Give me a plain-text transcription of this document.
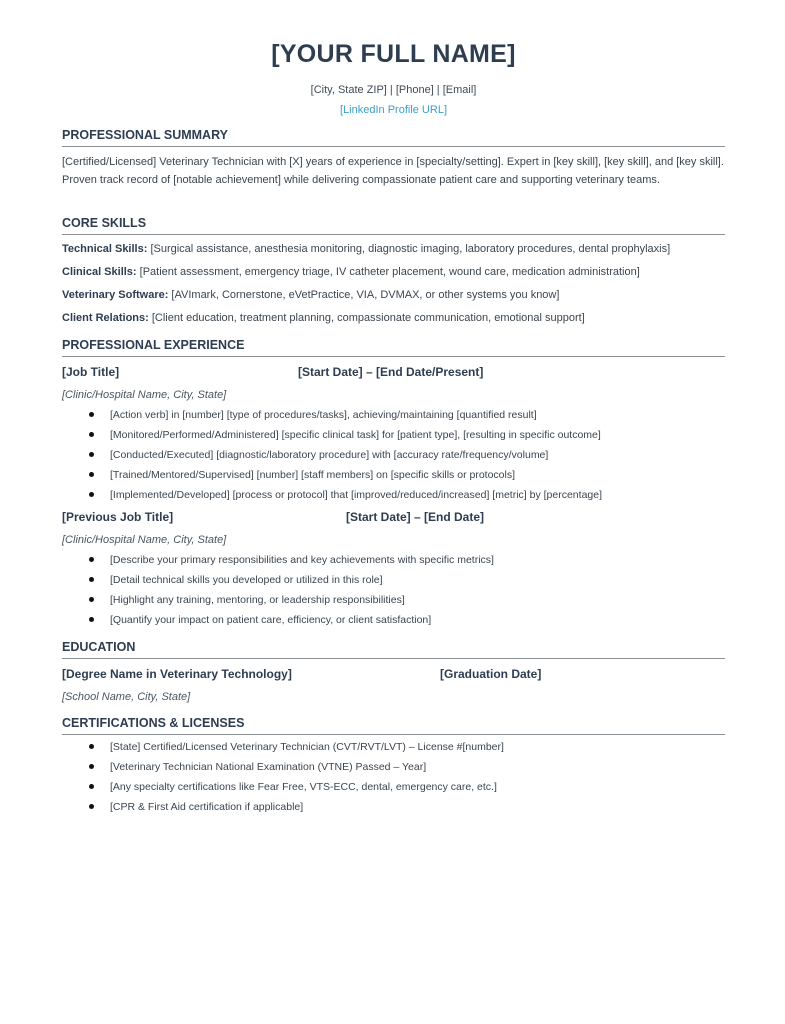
[YOUR FULL NAME]
[City, State ZIP] | [Phone] | [Email]
[LinkedIn Profile URL]
PROFESSIONAL SUMMARY
[Certified/Licensed] Veterinary Technician with [X] years of experience in [specialty/setting]. Expert in [key skill], [key skill], and [key skill]. Proven track record of [notable achievement] while delivering compassionate patient care and supporting veterinary teams.
CORE SKILLS
Technical Skills: [Surgical assistance, anesthesia monitoring, diagnostic imaging, laboratory procedures, dental prophylaxis]
Clinical Skills: [Patient assessment, emergency triage, IV catheter placement, wound care, medication administration]
Veterinary Software: [AVImark, Cornerstone, eVetPractice, VIA, DVMAX, or other systems you know]
Client Relations: [Client education, treatment planning, compassionate communication, emotional support]
PROFESSIONAL EXPERIENCE
[Job Title]	[Start Date] – [End Date/Present]
[Clinic/Hospital Name, City, State]
[Action verb] in [number] [type of procedures/tasks], achieving/maintaining [quantified result]
[Monitored/Performed/Administered] [specific clinical task] for [patient type], [resulting in specific outcome]
[Conducted/Executed] [diagnostic/laboratory procedure] with [accuracy rate/frequency/volume]
[Trained/Mentored/Supervised] [number] [staff members] on [specific skills or protocols]
[Implemented/Developed] [process or protocol] that [improved/reduced/increased] [metric] by [percentage]
[Previous Job Title]	[Start Date] – [End Date]
[Clinic/Hospital Name, City, State]
[Describe your primary responsibilities and key achievements with specific metrics]
[Detail technical skills you developed or utilized in this role]
[Highlight any training, mentoring, or leadership responsibilities]
[Quantify your impact on patient care, efficiency, or client satisfaction]
EDUCATION
[Degree Name in Veterinary Technology]	[Graduation Date]
[School Name, City, State]
CERTIFICATIONS & LICENSES
[State] Certified/Licensed Veterinary Technician (CVT/RVT/LVT) – License #[number]
[Veterinary Technician National Examination (VTNE) Passed – Year]
[Any specialty certifications like Fear Free, VTS-ECC, dental, emergency care, etc.]
[CPR & First Aid certification if applicable]
